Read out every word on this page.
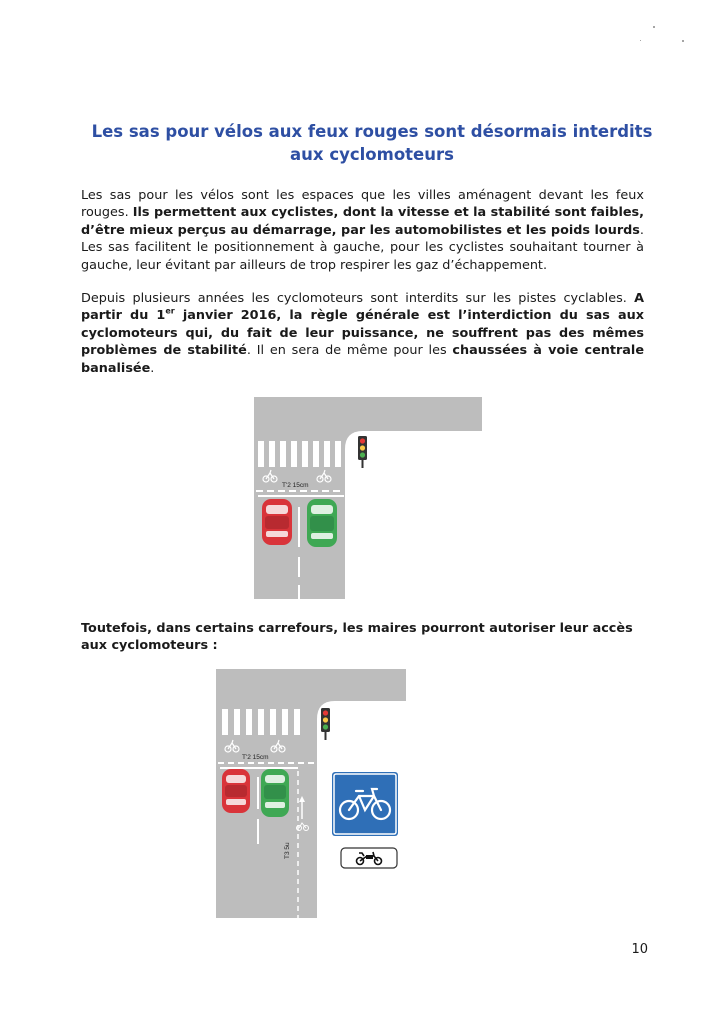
Les sas pour vélos aux feux rouges sont désormais interdits
aux cyclomoteurs

Les sas pour les vélos sont les espaces que les villes aménagent devant les feux rouges. Ils permettent aux cyclistes, dont la vitesse et la stabilité sont faibles, d’être mieux perçus au démarrage, par les automobilistes et les poids lourds. Les sas facilitent le positionnement à gauche, pour les cyclistes souhaitant tourner à gauche, leur évitant par ailleurs de trop respirer les gaz d’échappement.

Depuis plusieurs années les cyclomoteurs sont interdits sur les pistes cyclables. A partir du 1er janvier 2016, la règle générale est l’interdiction du sas aux cyclomoteurs qui, du fait de leur puissance, ne souffrent pas des mêmes problèmes de stabilité. Il en sera de même pour les chaussées à voie centrale banalisée.

T'2 15cm

Toutefois, dans certains carrefours, les maires pourront autoriser leur accès aux cyclomoteurs :

T'2 15cm
T3 5u
10
